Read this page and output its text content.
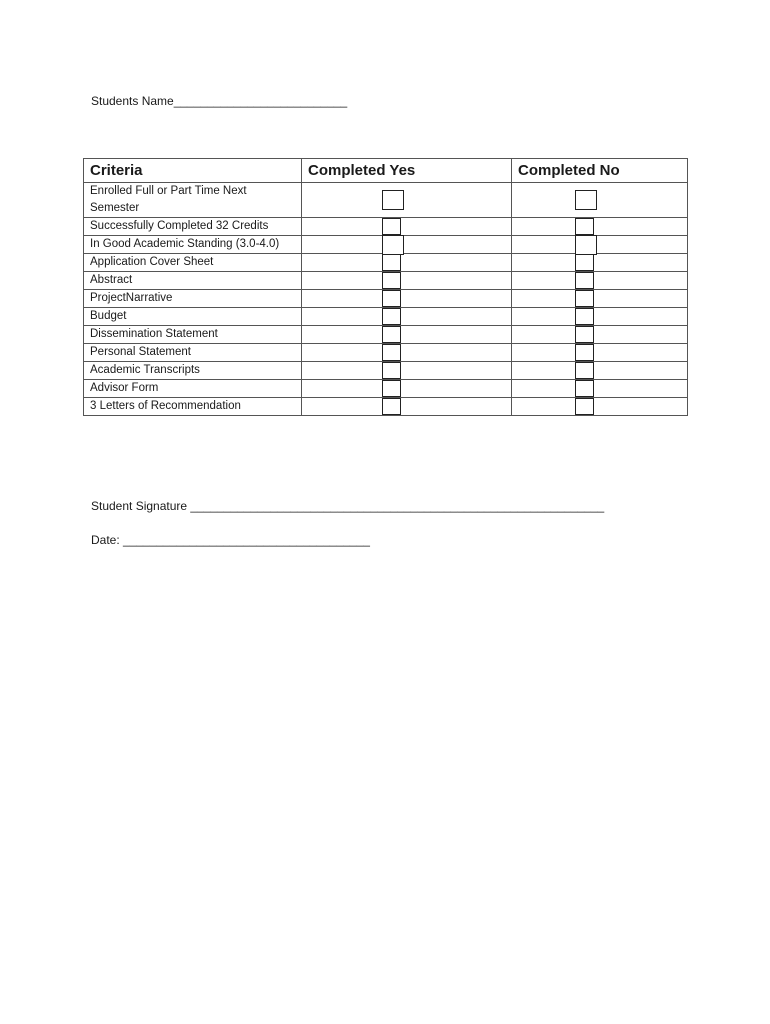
Students Name__________________________
Criteria	Completed Yes	Completed No
Enrolled Full or Part Time Next Semester	

Successfully Completed 32 Credits	

In Good Academic Standing (3.0-4.0)	

Application Cover Sheet	

Abstract	

ProjectNarrative	

Budget	

Dissemination Statement	

Personal Statement	

Academic Transcripts	

Advisor Form	

3 Letters of Recommendation	

Student Signature ______________________________________________________________
Date: _____________________________________
